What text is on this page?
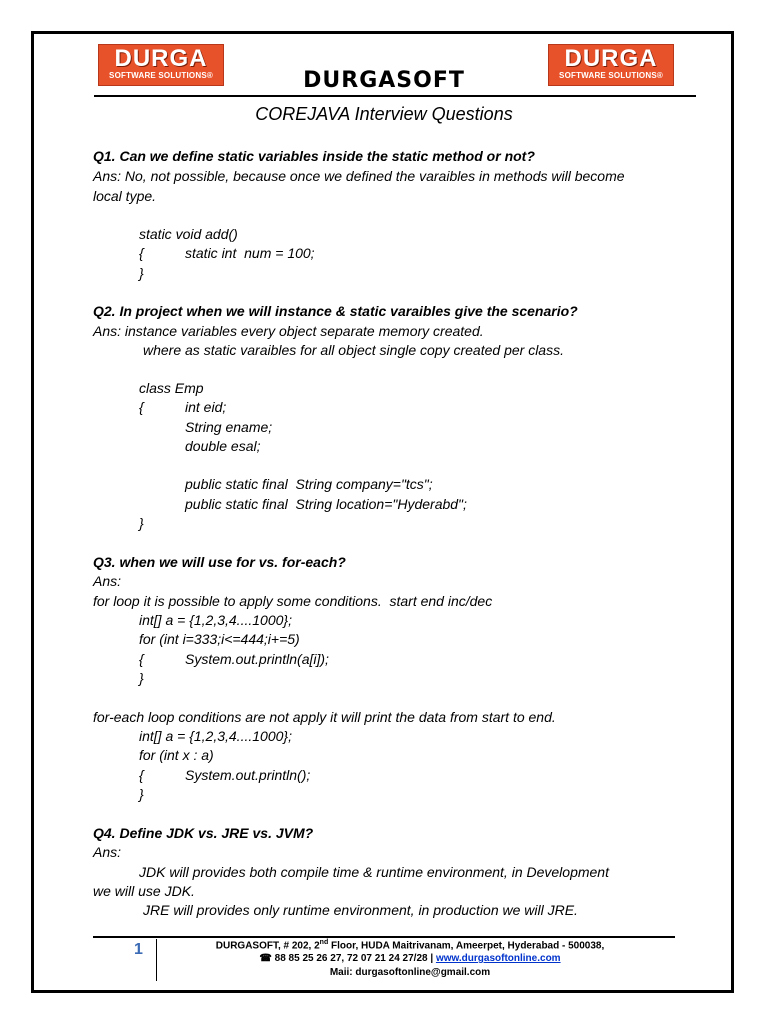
DURGA
SOFTWARE SOLUTIONS®
DURGA
SOFTWARE SOLUTIONS®
DURGASOFT
COREJAVA Interview Questions
Q1. Can we define static variables inside the static method or not?
Ans: No, not possible, because once we defined the varaibles in methods will become
local type.
static void add()
{	static int  num = 100;
}
Q2. In project when we will instance & static varaibles give the scenario?
Ans: instance variables every object separate memory created.
where as static varaibles for all object single copy created per class.
class Emp
{	int eid;
String ename;
double esal;
public static final  String company="tcs";
public static final  String location="Hyderabd";
}
Q3. when we will use for vs. for-each?
Ans:
for loop it is possible to apply some conditions.  start end inc/dec
int[] a = {1,2,3,4....1000};
for (int i=333;i<=444;i+=5)
{	System.out.println(a[i]);
}
for-each loop conditions are not apply it will print the data from start to end.
int[] a = {1,2,3,4....1000};
for (int x : a)
{	System.out.println();
}
Q4. Define JDK vs. JRE vs. JVM?
Ans:
JDK will provides both compile time & runtime environment, in Development
we will use JDK.
JRE will provides only runtime environment, in production we will JRE.
1	DURGASOFT, # 202, 2nd Floor, HUDA Maitrivanam, Ameerpet, Hyderabad - 500038,
☎ 88 85 25 26 27, 72 07 21 24 27/28 | www.durgasoftonline.com
Maii: durgasoftonline@gmail.com
